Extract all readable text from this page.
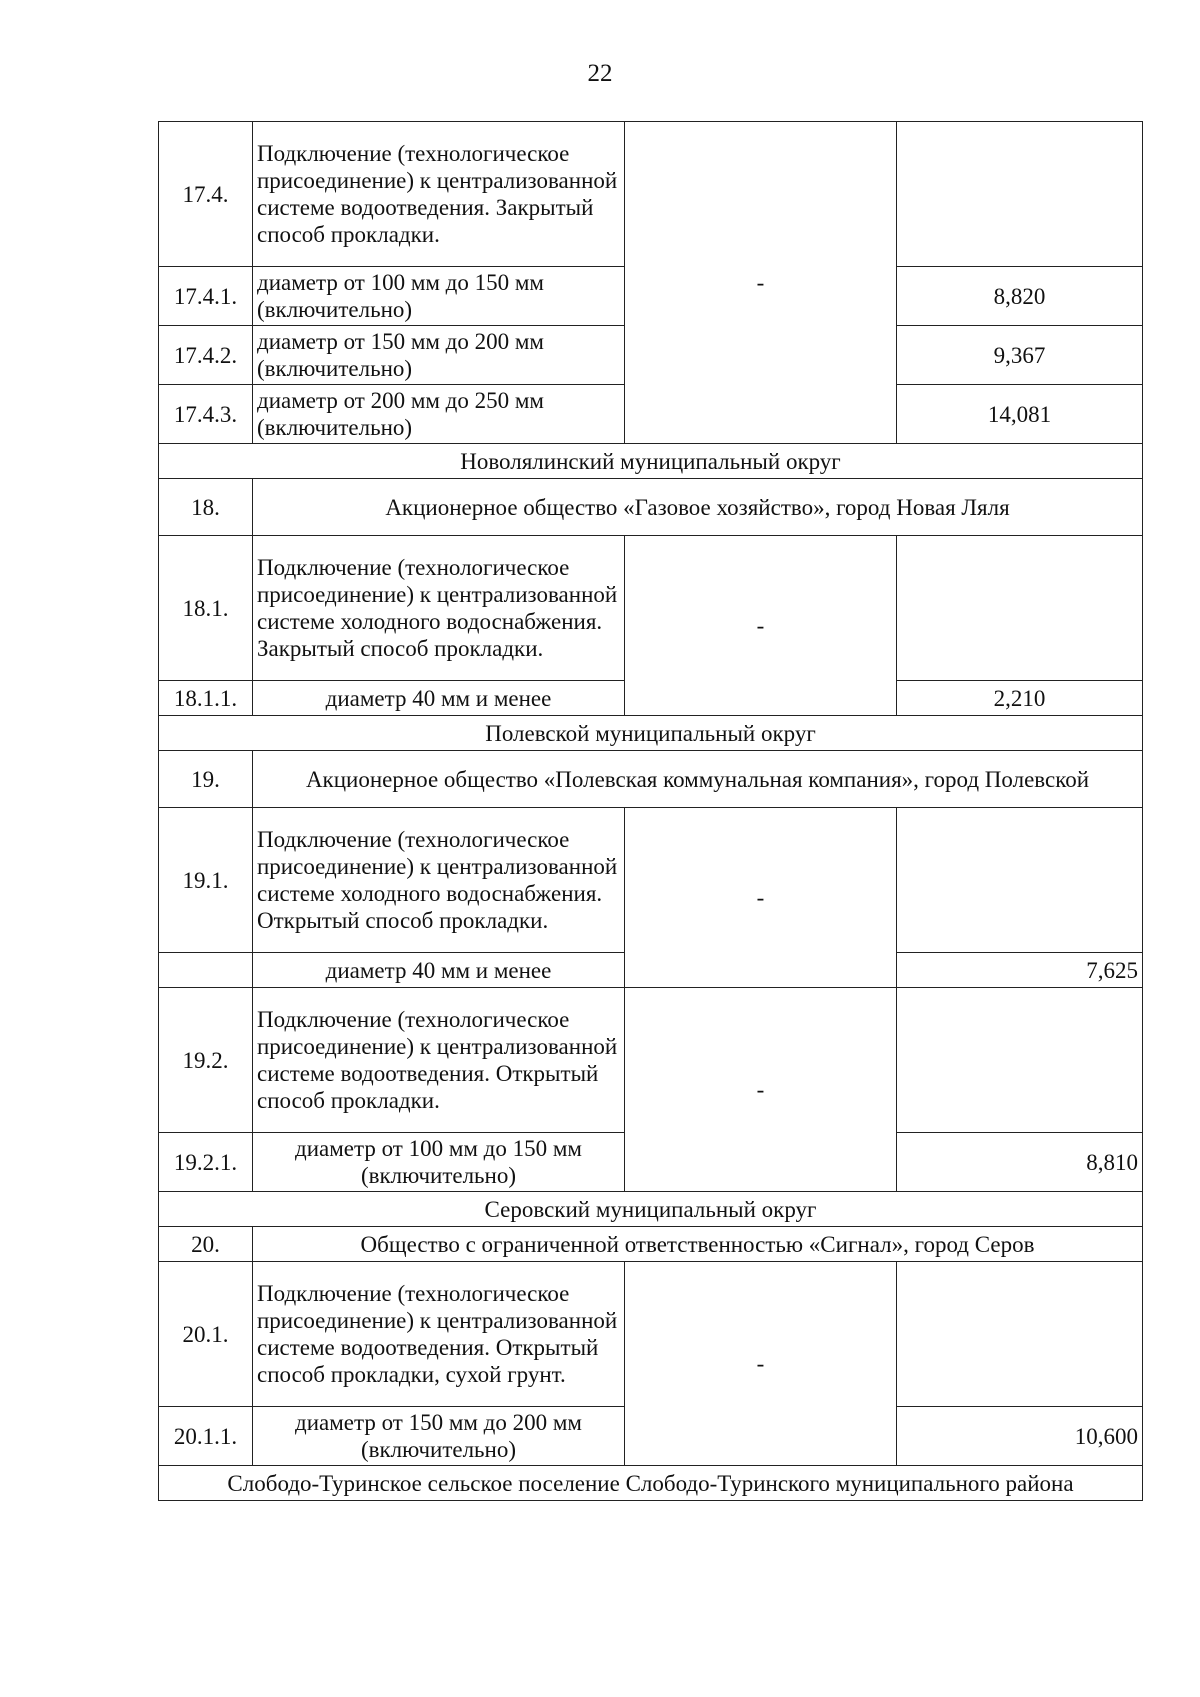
22
17.4.	Подключение (технологическое присоединение) к централизованной системе водоотведения. Закрытый способ прокладки.	-	
17.4.1.	диаметр от 100 мм до 150 мм (включительно)		8,820
17.4.2.	диаметр от 150 мм до 200 мм (включительно)		9,367
17.4.3.	диаметр от 200 мм до 250 мм (включительно)		14,081
Новолялинский муниципальный округ			
18.	Акционерное общество «Газовое хозяйство», город Новая Ляля		
18.1.	Подключение (технологическое присоединение) к централизованной системе холодного водоснабжения. Закрытый способ прокладки.	-	
18.1.1.	диаметр 40 мм и менее		2,210
Полевской муниципальный округ			
19.	Акционерное общество «Полевская коммунальная компания», город Полевской		
19.1.	Подключение (технологическое присоединение) к централизованной системе холодного водоснабжения. Открытый способ прокладки.	-	
	диаметр 40 мм и менее		7,625
19.2.	Подключение (технологическое присоединение) к централизованной системе водоотведения. Открытый способ прокладки.	-	
19.2.1.	диаметр от 100 мм до 150 мм (включительно)		8,810
Серовский муниципальный округ			
20.	Общество с ограниченной ответственностью «Сигнал», город Серов		
20.1.	Подключение (технологическое присоединение) к централизованной системе водоотведения. Открытый способ прокладки, сухой грунт.	-	
20.1.1.	диаметр от 150 мм до 200 мм (включительно)		10,600
Слободо-Туринское сельское поселение Слободо-Туринского муниципального района			
